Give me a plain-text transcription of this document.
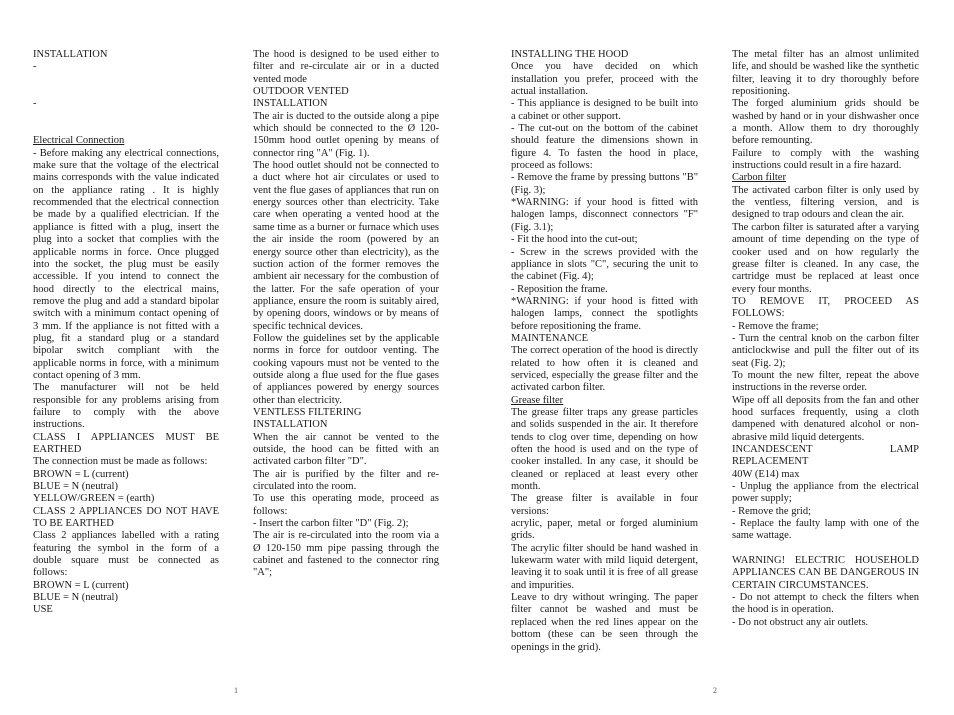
INSTALLATION

-

-

Electrical Connection

- Before making any electrical connections, make sure that the voltage of the electrical mains corresponds with the value indicated on the appliance rating . It is highly recommended that the electrical connection be made by a qualified electrician. If the appliance is fitted with a plug, insert the plug into a socket that complies with the applicable norms in force. Once plugged into the socket, the plug must be easily accessible. If you intend to connect the hood directly to the electrical mains, remove the plug and add a standard bipolar switch with a minimum contact opening of 3 mm. If the appliance is not fitted with a plug, fit a standard plug or a standard bipolar switch compliant with the applicable norms in force, with a minimum contact opening of 3 mm.

The manufacturer will not be held responsible for any problems arising from failure to comply with the above instructions.

CLASS I APPLIANCES MUST BE EARTHED

The connection must be made as follows:

BROWN = L (current)

BLUE = N (neutral)

YELLOW/GREEN = (earth)

CLASS 2 APPLIANCES DO NOT HAVE TO BE EARTHED

Class 2 appliances labelled with a rating featuring the symbol in the form of a double square must be connected as follows:

BROWN = L (current)

BLUE = N (neutral)

USE

The hood is designed to be used either to filter and re-circulate air or in a ducted vented mode

OUTDOOR VENTED

INSTALLATION

The air is ducted to the outside along a pipe which should be connected to the Ø 120-150mm hood outlet opening by means of connector ring "A" (Fig. 1).

The hood outlet should not be connected to a duct where hot air circulates or used to vent the flue gases of appliances that run on energy sources other than electricity. Take care when operating a vented hood at the same time as a burner or furnace which uses the air inside the room (powered by an energy source other than electricity), as the suction action of the former removes the ambient air necessary for the combustion of the latter. For the safe operation of your appliance, ensure the room is suitably aired, by opening doors, windows or by means of specific technical devices.

Follow the guidelines set by the applicable norms in force for outdoor venting. The cooking vapours must not be vented to the outside along a flue used for the flue gases of appliances powered by energy sources other than electricity.

VENTLESS FILTERING

INSTALLATION

When the air cannot be vented to the outside, the hood can be fitted with an activated carbon filter "D".

The air is purified by the filter and re-circulated into the room.

To use this operating mode, proceed as follows:

- Insert the carbon filter "D" (Fig. 2);

The air is re-circulated into the room via a Ø 120-150 mm pipe passing through the cabinet and fastened to the connector ring "A";

INSTALLING THE HOOD

Once you have decided on which installation you prefer, proceed with the actual installation.

- This appliance is designed to be built into a cabinet or other support.

- The cut-out on the bottom of the cabinet should feature the dimensions shown in figure 4. To fasten the hood in place, proceed as follows:

- Remove the frame by pressing buttons "B" (Fig. 3);

*WARNING: if your hood is fitted with halogen lamps, disconnect connectors "F" (Fig. 3.1);

- Fit the hood into the cut-out;

- Screw in the screws provided with the appliance in slots "C", securing the unit to the cabinet (Fig. 4);

- Reposition the frame.

*WARNING: if your hood is fitted with halogen lamps, connect the spotlights before repositioning the frame.

MAINTENANCE

The correct operation of the hood is directly related to how often it is cleaned and serviced, especially the grease filter and the activated carbon filter.

Grease filter

The grease filter traps any grease particles and solids suspended in the air. It therefore tends to clog over time, depending on how often the hood is used and on the type of cooker installed. In any case, it should be cleaned or replaced at least every other month.

The grease filter is available in four versions:

acrylic, paper, metal or forged aluminium grids.

The acrylic filter should be hand washed in lukewarm water with mild liquid detergent, leaving it to soak until it is free of all grease and impurities.

Leave to dry without wringing. The paper filter cannot be washed and must be replaced when the red lines appear on the bottom (these can be seen through the openings in the grid).

The metal filter has an almost unlimited life, and should be washed like the synthetic filter, leaving it to dry thoroughly before repositioning.

The forged aluminium grids should be washed by hand or in your dishwasher once a month. Allow them to dry thoroughly before remounting.

Failure to comply with the washing instructions could result in a fire hazard.

Carbon filter

The activated carbon filter is only used by the ventless, filtering version, and is designed to trap odours and clean the air.

The carbon filter is saturated after a varying amount of time depending on the type of cooker used and on how regularly the grease filter is cleaned. In any case, the cartridge must be replaced at least once every four months.

TO REMOVE IT, PROCEED AS FOLLOWS:

- Remove the frame;

- Turn the central knob on the carbon filter anticlockwise and pull the filter out of its seat (Fig. 2);

To mount the new filter, repeat the above instructions in the reverse order.

Wipe off all deposits from the fan and other hood surfaces frequently, using a cloth dampened with denatured alcohol or non-abrasive mild liquid detergents.

INCANDESCENT LAMP REPLACEMENT

40W (E14) max

- Unplug the appliance from the electrical power supply;

- Remove the grid;

- Replace the faulty lamp with one of the same wattage.

WARNING! ELECTRIC HOUSEHOLD APPLIANCES CAN BE DANGEROUS IN CERTAIN CIRCUMSTANCES.

- Do not attempt to check the filters when the hood is in operation.

- Do not obstruct any air outlets.

1	2
